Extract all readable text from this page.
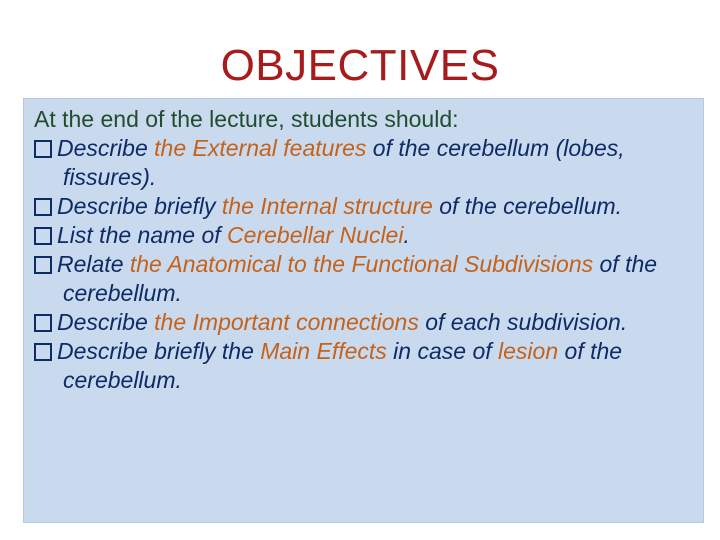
OBJECTIVES
At the end of the lecture, students should:
Describe the External features of the cerebellum (lobes, fissures).
Describe briefly the Internal structure of the cerebellum.
List the name of Cerebellar Nuclei.
Relate the Anatomical to the Functional Subdivisions of the cerebellum.
Describe the Important connections of each subdivision.
Describe briefly the Main Effects in case of lesion of the cerebellum.
